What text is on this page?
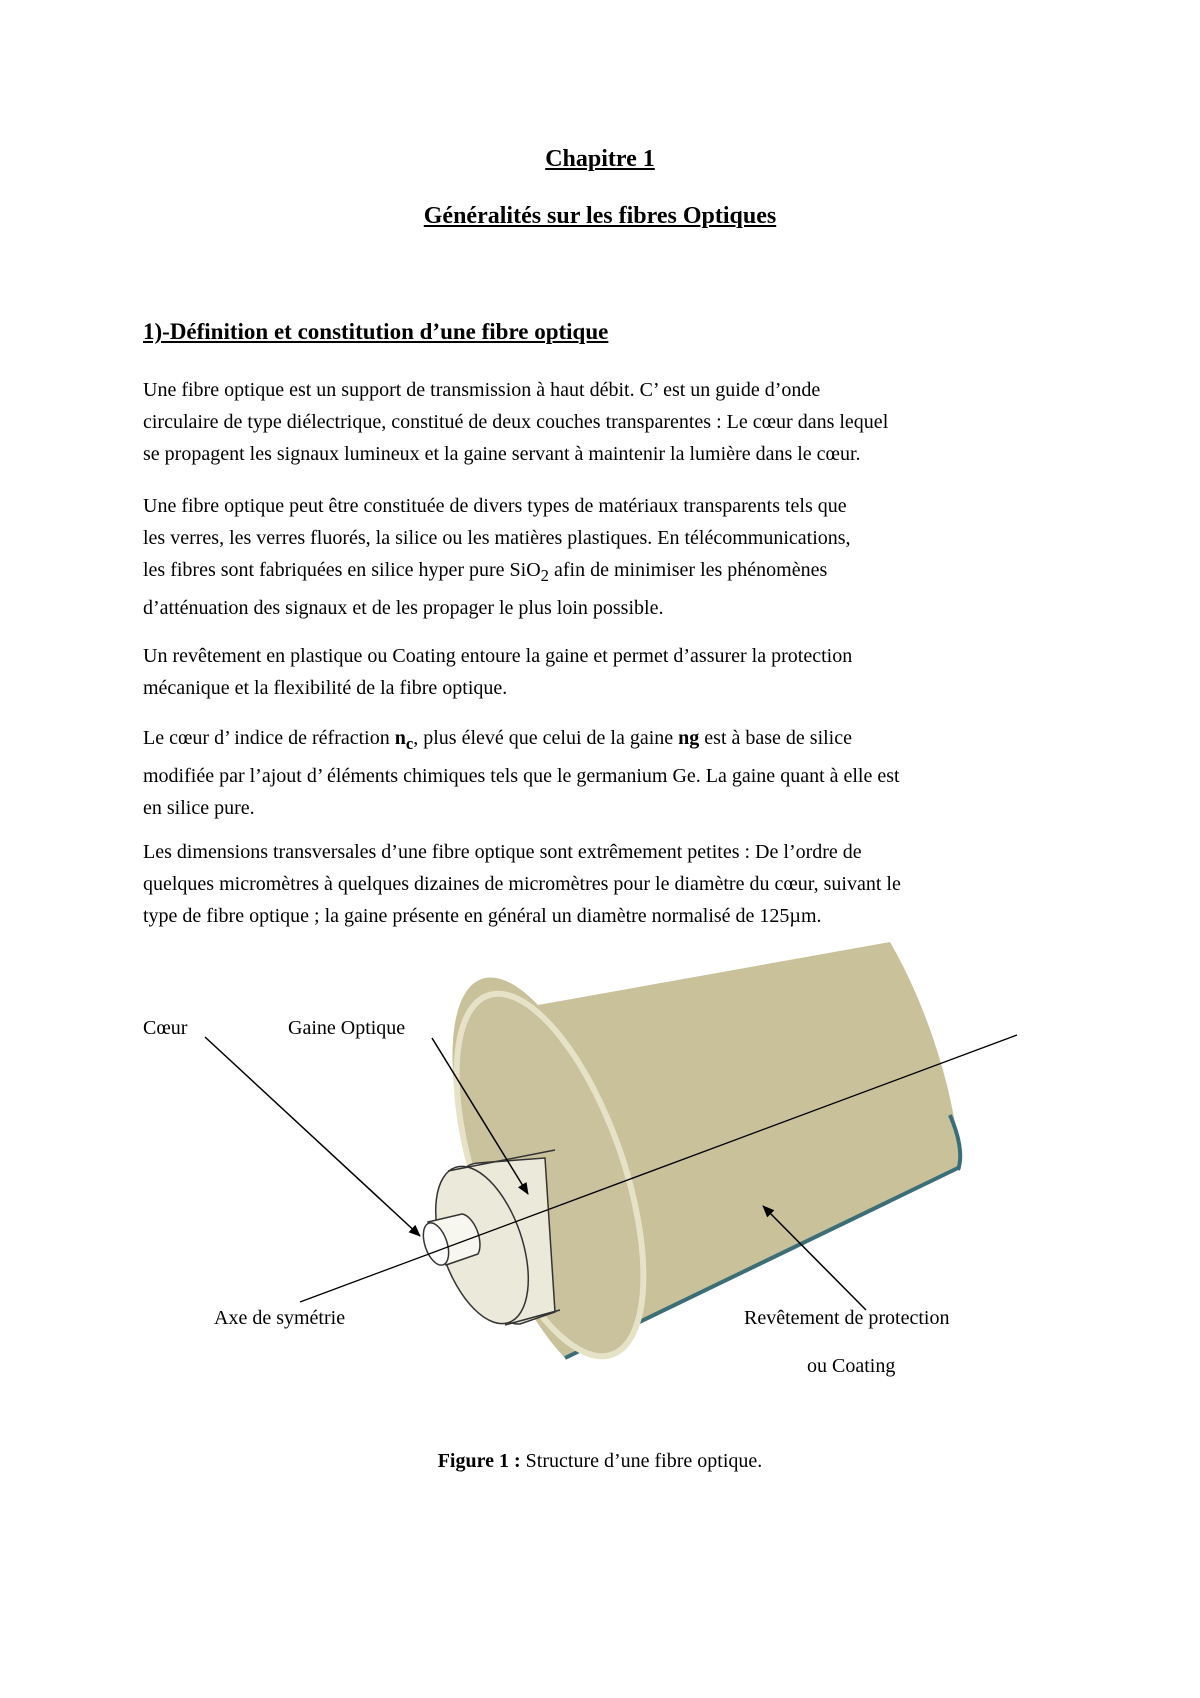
Chapitre 1
Généralités sur les fibres Optiques
1)-Définition et constitution d’une fibre optique

Une fibre optique est un support de transmission à haut débit. C’ est un guide d’onde
circulaire de type diélectrique, constitué de deux couches transparentes : Le cœur dans lequel
se propagent les signaux lumineux et la gaine servant à maintenir la lumière dans le cœur.

Une fibre optique peut être constituée de divers types de matériaux transparents tels que
les verres, les verres fluorés, la silice ou les matières plastiques. En télécommunications,
les fibres sont fabriquées en silice hyper pure SiO$_2$ afin de minimiser les phénomènes
d’atténuation des signaux et de les propager le plus loin possible.

Un revêtement en plastique ou Coating entoure la gaine et permet d’assurer la protection
mécanique et la flexibilité de la fibre optique.

Le cœur d’ indice de réfraction $n_c$, plus élevé que celui de la gaine ng est à base de silice
modifiée par l’ajout d’ éléments chimiques tels que le germanium Ge. La gaine quant à elle est
en silice pure.

Les dimensions transversales d’une fibre optique sont extrêmement petites : De l’ordre de
quelques micromètres à quelques dizaines de micromètres pour le diamètre du cœur, suivant le
type de fibre optique ; la gaine présente en général un diamètre normalisé de 125µm.

Cœur	Gaine Optique
Axe de symétrie	Revêtement de protection
ou Coating
Figure 1 : Structure d’une fibre optique.
